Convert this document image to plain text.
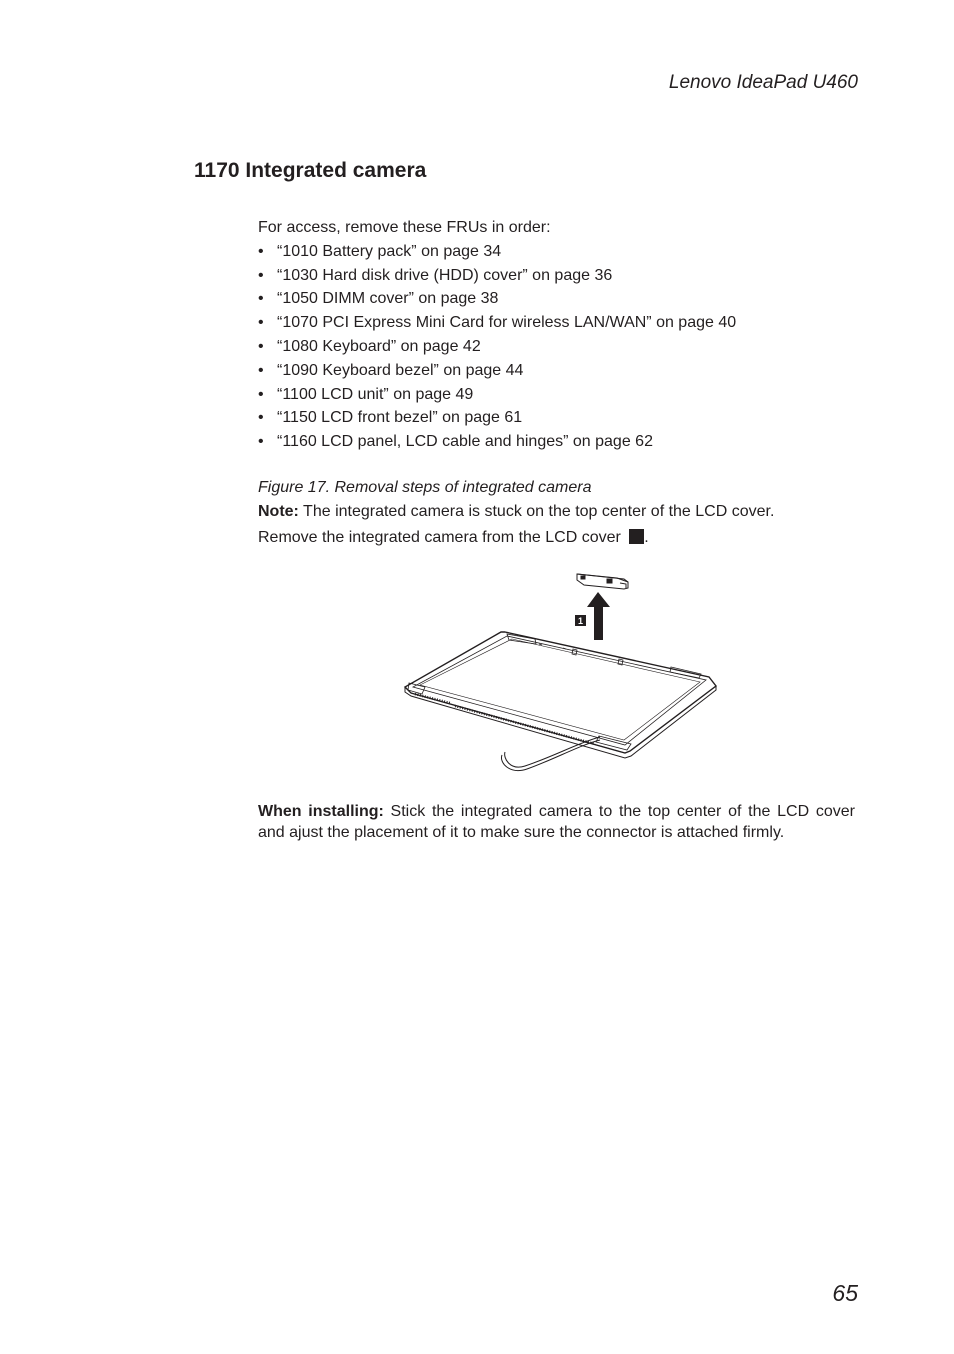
Lenovo IdeaPad U460
1170 Integrated camera

For access, remove these FRUs in order:

• “1010 Battery pack” on page 34
• “1030 Hard disk drive (HDD) cover” on page 36
• “1050 DIMM cover” on page 38
• “1070 PCI Express Mini Card for wireless LAN/WAN” on page 40
• “1080 Keyboard” on page 42
• “1090 Keyboard bezel” on page 44
• “1100 LCD unit” on page 49
• “1150 LCD front bezel” on page 61
• “1160 LCD panel, LCD cable and hinges” on page 62

Figure 17. Removal steps of integrated camera

Note: The integrated camera is stuck on the top center of the LCD cover.

Remove the integrated camera from the LCD cover .

1

When installing: Stick the integrated camera to the top center of the LCD cover and ajust the placement of it to make sure the connector is attached firmly.

65
